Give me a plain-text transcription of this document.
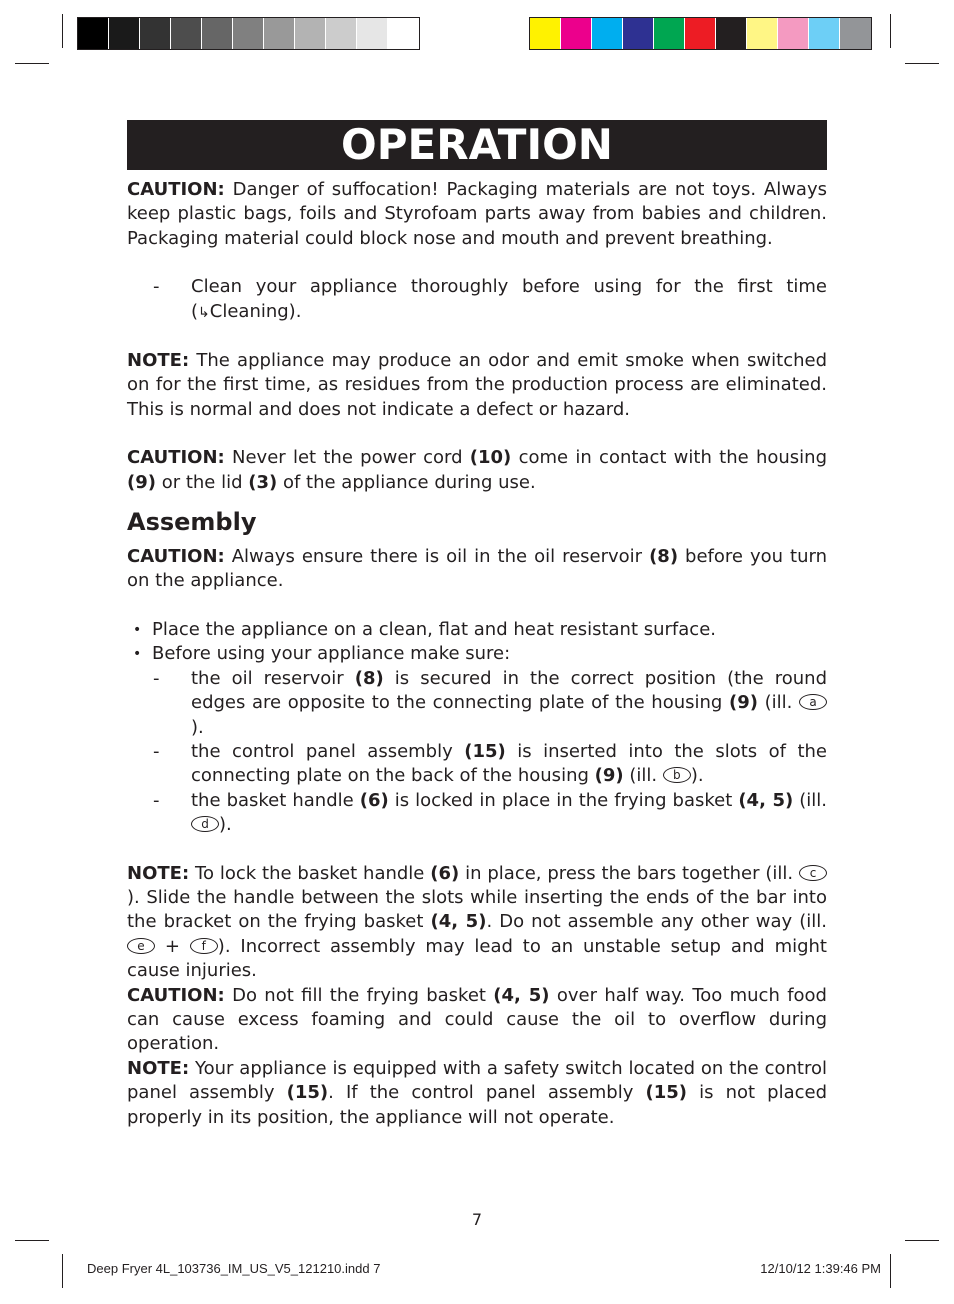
OPERATION

CAUTION: Danger of suffocation! Packaging materials are not toys. Always keep plastic bags, foils and Styrofoam parts away from babies and children. Packaging material could block nose and mouth and prevent breathing.

- Clean your appliance thoroughly before using for the first time (↳Cleaning).

NOTE: The appliance may produce an odor and emit smoke when switched on for the first time, as residues from the production process are eliminated. This is normal and does not indicate a defect or hazard.

CAUTION: Never let the power cord (10) come in contact with the housing (9) or the lid (3) of the appliance during use.

Assembly

CAUTION: Always ensure there is oil in the oil reservoir (8) before you turn on the appliance.

• Place the appliance on a clean, flat and heat resistant surface.

• Before using your appliance make sure:

- the oil reservoir (8) is secured in the correct position (the round edges are opposite to the connecting plate of the housing (9) (ill. a).

- the control panel assembly (15) is inserted into the slots of the connecting plate on the back of the housing (9) (ill. b ).

- the basket handle (6) is locked in place in the frying basket (4, 5) (ill. d ).

NOTE: To lock the basket handle (6) in place, press the bars together (ill. c). Slide the handle between the slots while inserting the ends of the bar into the bracket on the frying basket (4, 5). Do not assemble any other way (ill. e + f ). Incorrect assembly may lead to an unstable setup and might cause injuries.

CAUTION: Do not fill the frying basket (4, 5) over half way. Too much food can cause excess foaming and could cause the oil to overflow during operation.

NOTE: Your appliance is equipped with a safety switch located on the control panel assembly (15). If the control panel assembly (15) is not placed properly in its position, the appliance will not operate.

7
Deep Fryer 4L_103736_IM_US_V5_121210.indd 7	12/10/12 1:39:46 PM
